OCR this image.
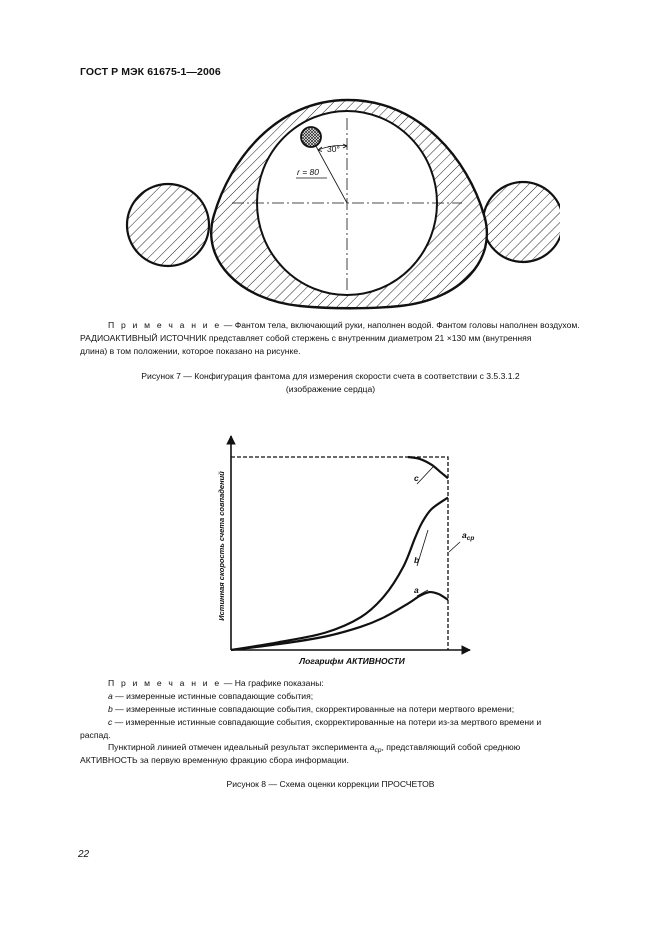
ГОСТ Р МЭК 61675-1—2006
30°
r = 80
П р и м е ч а н и е — Фантом тела, включающий руки, наполнен водой. Фантом головы наполнен воздухом.
РАДИОАКТИВНЫЙ ИСТОЧНИК представляет собой стержень с внутренним диаметром 21 ×130 мм (внутренняя
длина) в том положении, которое показано на рисунке.
Рисунок 7 — Конфигурация фантома для измерения скорости счета в соответствии с 3.5.3.1.2
(изображение сердца)
Логарифм АКТИВНОСТИ
Истинная скорость счета совпадений	a
b
c
$a_{ср}$
П р и м е ч а н и е — На графике показаны:
a — измеренные истинные совпадающие события;
b — измеренные истинные совпадающие события, скорректированные на потери мертвого времени;
c — измеренные истинные совпадающие события, скорректированные на потери из-за мертвого времени и
распад.
Пунктирной линией отмечен идеальный результат эксперимента $a_{ср}$, представляющий собой среднюю
АКТИВНОСТЬ за первую временную фракцию сбора информации.
Рисунок 8 — Схема оценки коррекции ПРОСЧЕТОВ
22
